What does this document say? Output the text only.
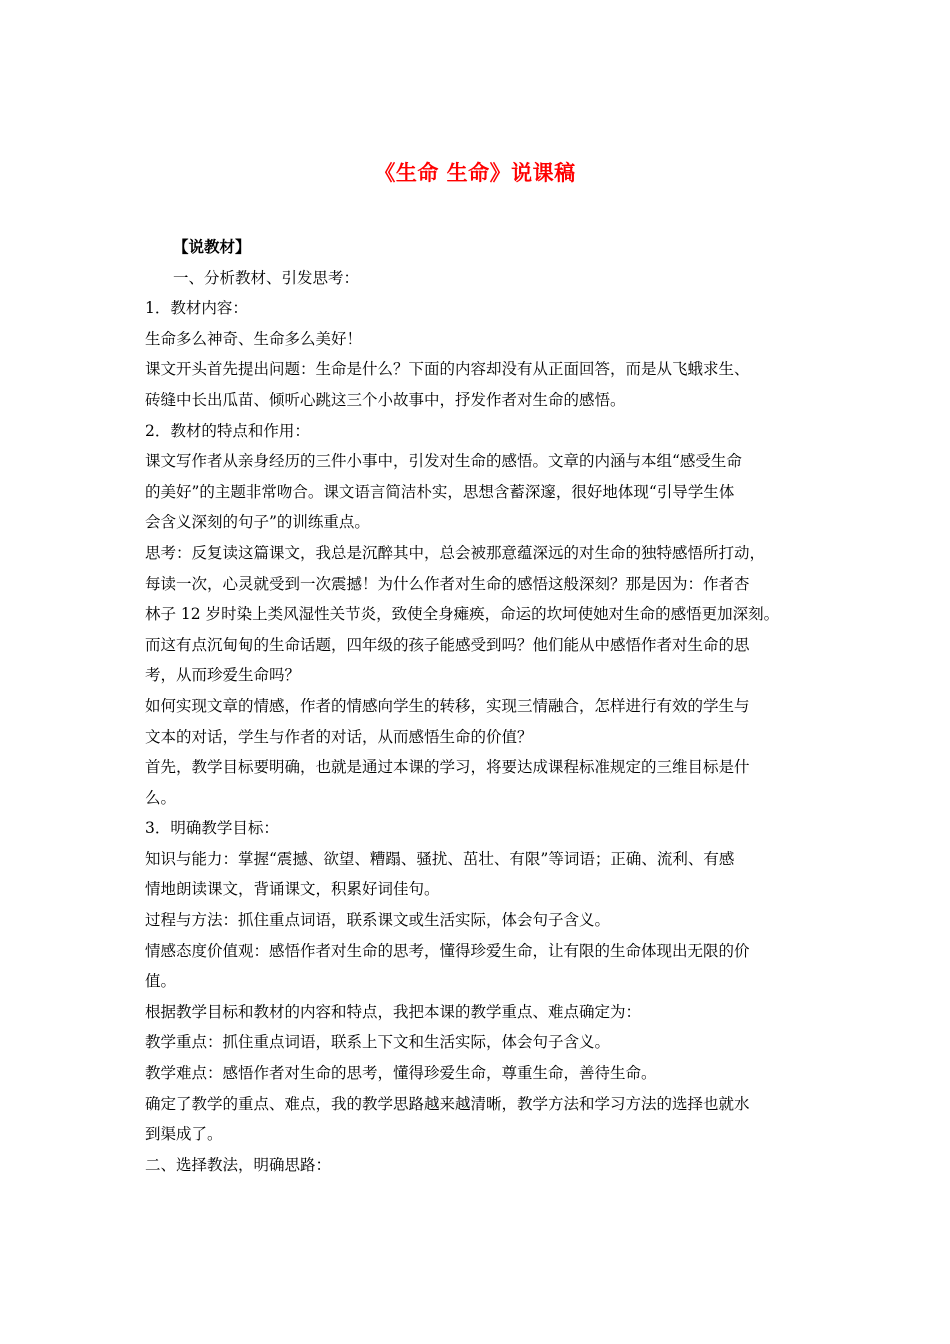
《生命 生命》说课稿
【说教材】
一、分析教材、引发思考：
1．教材内容：
生命多么神奇、生命多么美好！
课文开头首先提出问题：生命是什么？下面的内容却没有从正面回答，而是从飞蛾求生、
砖缝中长出瓜苗、倾听心跳这三个小故事中，抒发作者对生命的感悟。
2．教材的特点和作用：
课文写作者从亲身经历的三件小事中，引发对生命的感悟。文章的内涵与本组“感受生命
的美好”的主题非常吻合。课文语言简洁朴实，思想含蓄深邃，很好地体现“引导学生体
会含义深刻的句子”的训练重点。
思考：反复读这篇课文，我总是沉醉其中，总会被那意蕴深远的对生命的独特感悟所打动，
每读一次，心灵就受到一次震撼！为什么作者对生命的感悟这般深刻？那是因为：作者杏
林子 12 岁时染上类风湿性关节炎，致使全身瘫痪，命运的坎坷使她对生命的感悟更加深刻。
而这有点沉甸甸的生命话题，四年级的孩子能感受到吗？他们能从中感悟作者对生命的思
考，从而珍爱生命吗？
如何实现文章的情感，作者的情感向学生的转移，实现三情融合，怎样进行有效的学生与
文本的对话，学生与作者的对话，从而感悟生命的价值？
首先，教学目标要明确，也就是通过本课的学习，将要达成课程标准规定的三维目标是什
么。
3．明确教学目标：
知识与能力：掌握“震撼、欲望、糟蹋、骚扰、茁壮、有限”等词语；正确、流利、有感
情地朗读课文，背诵课文，积累好词佳句。
过程与方法：抓住重点词语，联系课文或生活实际，体会句子含义。
情感态度价值观：感悟作者对生命的思考，懂得珍爱生命，让有限的生命体现出无限的价
值。
根据教学目标和教材的内容和特点，我把本课的教学重点、难点确定为：
教学重点：抓住重点词语，联系上下文和生活实际，体会句子含义。
教学难点：感悟作者对生命的思考，懂得珍爱生命，尊重生命，善待生命。
确定了教学的重点、难点，我的教学思路越来越清晰，教学方法和学习方法的选择也就水
到渠成了。
二、选择教法，明确思路：
